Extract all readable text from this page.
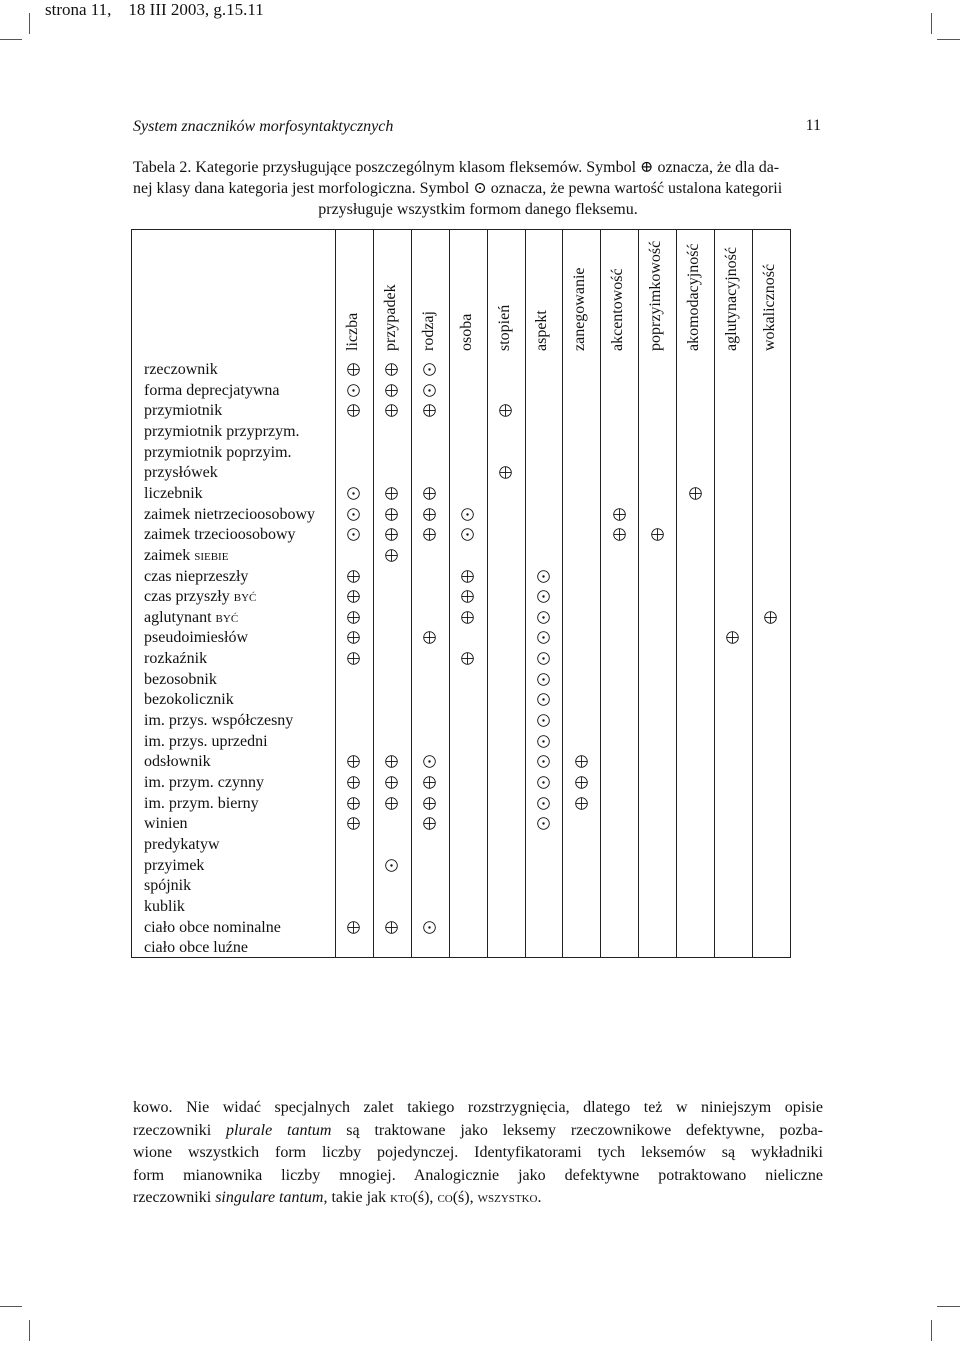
strona 11,    18 III 2003, g.15.11
System znaczników morfosyntaktycznych	11
Tabela 2. Kategorie przysługujące poszczególnym klasom fleksemów. Symbol ⊕ oznacza, że dla da-
nej klasy dana kategoria jest morfologiczna. Symbol ⊙ oznacza, że pewna wartość ustalona kategorii
przysługuje wszystkim formom danego fleksemu.
liczba przypadek rodzaj osoba stopień aspekt zanegowanie akcentowość poprzyimkowość akomodacyjność aglutynacyjność wokaliczność
rzeczownik
forma deprecjatywna
przymiotnik
przymiotnik przyprzym.
przymiotnik poprzyim.
przysłówek
liczebnik
zaimek nietrzecioosobowy
zaimek trzecioosobowy
zaimek siebie
czas nieprzeszły
czas przyszły być
aglutynant być
pseudoimiesłów
rozkaźnik
bezosobnik
bezokolicznik
im. przys. współczesny
im. przys. uprzedni
odsłownik
im. przym. czynny
im. przym. bierny
winien
predykatyw
przyimek
spójnik
kublik
ciało obce nominalne
ciało obce luźne
kowo. Nie widać specjalnych zalet takiego rozstrzygnięcia, dlatego też w niniejszym opisie
rzeczowniki plurale tantum są traktowane jako leksemy rzeczownikowe defektywne, pozba-
wione wszystkich form liczby pojedynczej. Identyfikatorami tych leksemów są wykładniki
form mianownika liczby mnogiej. Analogicznie jako defektywne potraktowano nieliczne
rzeczowniki singulare tantum, takie jak kto(ś), co(ś), wszystko.
